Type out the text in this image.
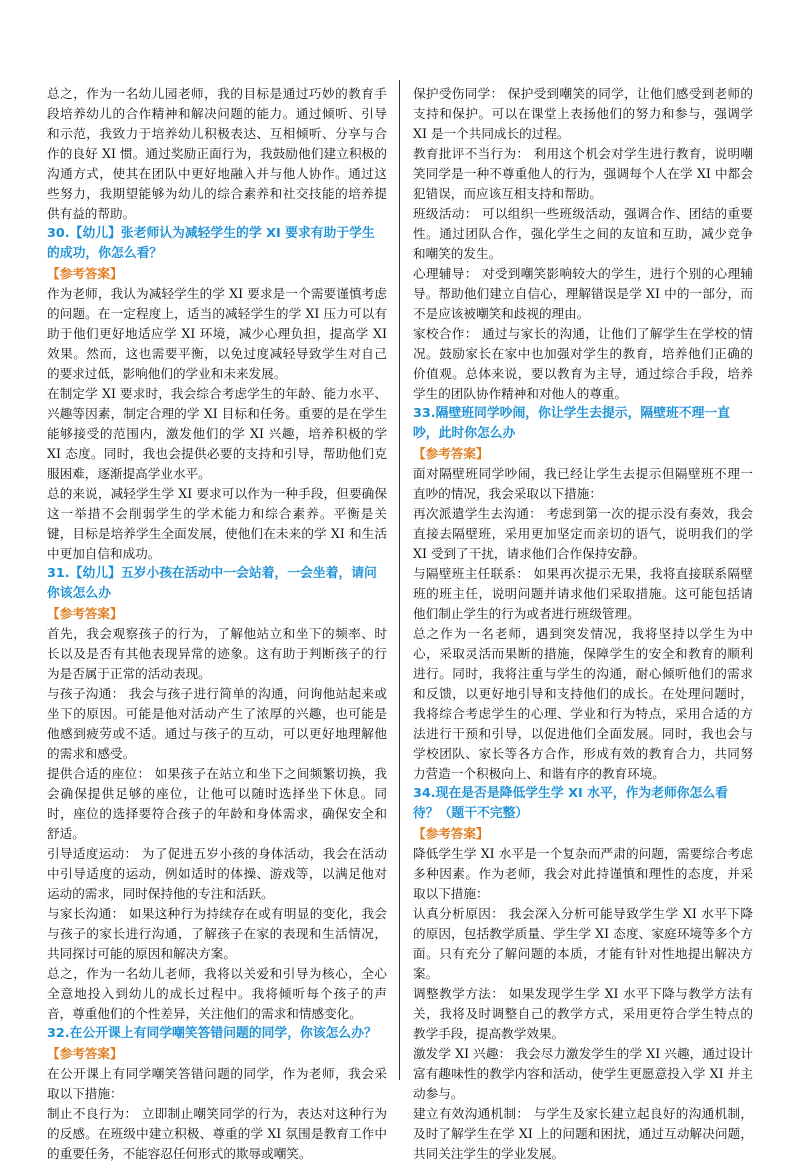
总之，作为一名幼儿园老师，我的目标是通过巧妙的教育手段培养幼儿的合作精神和解决问题的能力。通过倾听、引导和示范，我致力于培养幼儿积极表达、互相倾听、分享与合作的良好 XI 惯。通过奖励正面行为，我鼓励他们建立积极的沟通方式，使其在团队中更好地融入并与他人协作。通过这些努力，我期望能够为幼儿的综合素养和社交技能的培养提供有益的帮助。

30.【幼儿】张老师认为减轻学生的学 XI 要求有助于学生的成功，你怎么看？

【参考答案】

作为老师，我认为减轻学生的学 XI 要求是一个需要谨慎考虑的问题。在一定程度上，适当的减轻学生的学 XI 压力可以有助于他们更好地适应学 XI 环境，减少心理负担，提高学 XI 效果。然而，这也需要平衡，以免过度减轻导致学生对自己的要求过低，影响他们的学业和未来发展。

在制定学 XI 要求时，我会综合考虑学生的年龄、能力水平、兴趣等因素，制定合理的学 XI 目标和任务。重要的是在学生能够接受的范围内，激发他们的学 XI 兴趣，培养积极的学 XI 态度。同时，我也会提供必要的支持和引导，帮助他们克服困难，逐渐提高学业水平。

总的来说，减轻学生学 XI 要求可以作为一种手段，但要确保这一举措不会削弱学生的学术能力和综合素养。平衡是关键，目标是培养学生全面发展，使他们在未来的学 XI 和生活中更加自信和成功。

31.【幼儿】五岁小孩在活动中一会站着，一会坐着，请问你该怎么办

【参考答案】

首先，我会观察孩子的行为，了解他站立和坐下的频率、时长以及是否有其他表现异常的迹象。这有助于判断孩子的行为是否属于正常的活动表现。

与孩子沟通： 我会与孩子进行简单的沟通，问询他站起来或坐下的原因。可能是他对活动产生了浓厚的兴趣，也可能是他感到疲劳或不适。通过与孩子的互动，可以更好地理解他的需求和感受。

提供合适的座位： 如果孩子在站立和坐下之间频繁切换，我会确保提供足够的座位，让他可以随时选择坐下休息。同时，座位的选择要符合孩子的年龄和身体需求，确保安全和舒适。

引导适度运动： 为了促进五岁小孩的身体活动，我会在活动中引导适度的运动，例如适时的体操、游戏等，以满足他对运动的需求，同时保持他的专注和活跃。

与家长沟通： 如果这种行为持续存在或有明显的变化，我会与孩子的家长进行沟通，了解孩子在家的表现和生活情况，共同探讨可能的原因和解决方案。

总之，作为一名幼儿老师，我将以关爱和引导为核心，全心全意地投入到幼儿的成长过程中。我将倾听每个孩子的声音，尊重他们的个性差异，关注他们的需求和情感变化。

32.在公开课上有同学嘲笑答错问题的同学，你该怎么办？

【参考答案】

在公开课上有同学嘲笑答错问题的同学，作为老师，我会采取以下措施：

制止不良行为： 立即制止嘲笑同学的行为，表达对这种行为的反感。在班级中建立积极、尊重的学 XI 氛围是教育工作中的重要任务，不能容忍任何形式的欺辱或嘲笑。

保护受伤同学： 保护受到嘲笑的同学，让他们感受到老师的支持和保护。可以在课堂上表扬他们的努力和参与，强调学 XI 是一个共同成长的过程。

教育批评不当行为： 利用这个机会对学生进行教育，说明嘲笑同学是一种不尊重他人的行为，强调每个人在学 XI 中都会犯错误，而应该互相支持和帮助。

班级活动： 可以组织一些班级活动，强调合作、团结的重要性。通过团队合作，强化学生之间的友谊和互助，减少竞争和嘲笑的发生。

心理辅导： 对受到嘲笑影响较大的学生，进行个别的心理辅导。帮助他们建立自信心，理解错误是学 XI 中的一部分，而不是应该被嘲笑和歧视的理由。

家校合作： 通过与家长的沟通，让他们了解学生在学校的情况。鼓励家长在家中也加强对学生的教育，培养他们正确的价值观。总体来说，要以教育为主导，通过综合手段，培养学生的团队协作精神和对他人的尊重。

33.隔壁班同学吵闹，你让学生去提示，隔壁班不理一直吵，此时你怎么办

【参考答案】

面对隔壁班同学吵闹，我已经让学生去提示但隔壁班不理一直吵的情况，我会采取以下措施：

再次派遣学生去沟通： 考虑到第一次的提示没有奏效，我会直接去隔壁班，采用更加坚定而亲切的语气，说明我们的学 XI 受到了干扰，请求他们合作保持安静。

与隔壁班主任联系： 如果再次提示无果，我将直接联系隔壁班的班主任，说明问题并请求他们采取措施。这可能包括请他们制止学生的行为或者进行班级管理。

总之作为一名老师，遇到突发情况，我将坚持以学生为中心，采取灵活而果断的措施，保障学生的安全和教育的顺利进行。同时，我将注重与学生的沟通，耐心倾听他们的需求和反馈，以更好地引导和支持他们的成长。在处理问题时，我将综合考虑学生的心理、学业和行为特点，采用合适的方法进行干预和引导，以促进他们全面发展。同时，我也会与学校团队、家长等各方合作，形成有效的教育合力，共同努力营造一个积极向上、和谐有序的教育环境。

34.现在是否是降低学生学 XI 水平，作为老师你怎么看待？（题干不完整）

【参考答案】

降低学生学 XI 水平是一个复杂而严肃的问题，需要综合考虑多种因素。作为老师，我会对此持谨慎和理性的态度，并采取以下措施：

认真分析原因： 我会深入分析可能导致学生学 XI 水平下降的原因，包括教学质量、学生学 XI 态度、家庭环境等多个方面。只有充分了解问题的本质，才能有针对性地提出解决方案。

调整教学方法： 如果发现学生学 XI 水平下降与教学方法有关，我将及时调整自己的教学方式，采用更符合学生特点的教学手段，提高教学效果。

激发学 XI 兴趣： 我会尽力激发学生的学 XI 兴趣，通过设计富有趣味性的教学内容和活动，使学生更愿意投入学 XI 并主动参与。

建立有效沟通机制： 与学生及家长建立起良好的沟通机制，及时了解学生在学 XI 上的问题和困扰，通过互动解决问题，共同关注学生的学业发展。
